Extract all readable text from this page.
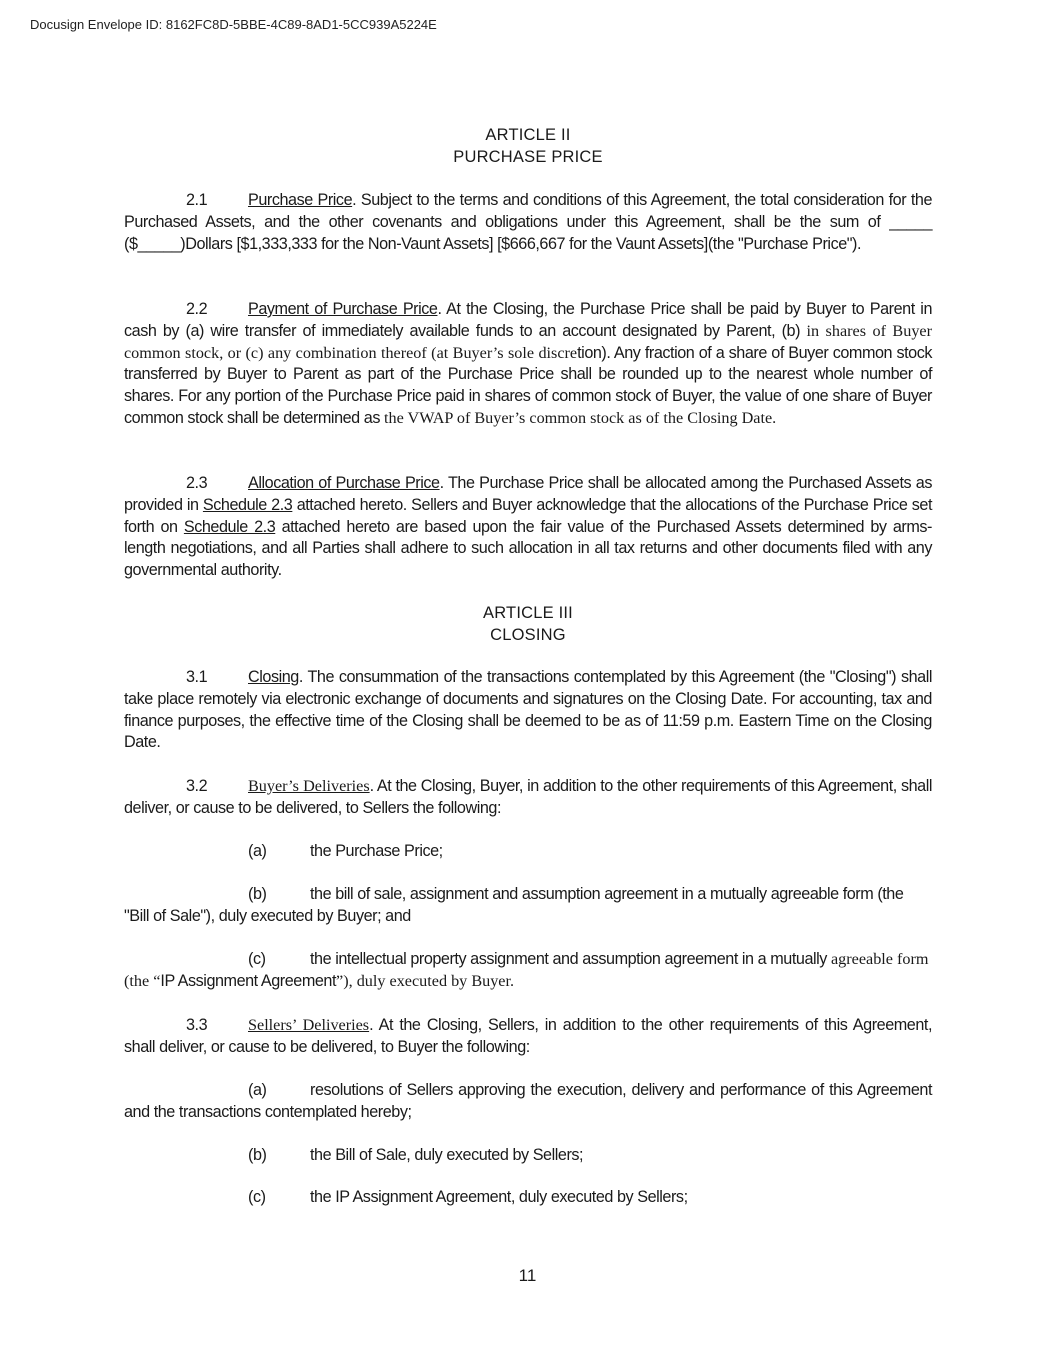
Docusign Envelope ID: 8162FC8D-5BBE-4C89-8AD1-5CC939A5224E
ARTICLE II
PURCHASE PRICE
2.1	Purchase Price. Subject to the terms and conditions of this Agreement, the total consideration for the Purchased Assets, and the other covenants and obligations under this Agreement, shall be the sum of _____ ($_____)Dollars [$1,333,333 for the Non-Vaunt Assets] [$666,667 for the Vaunt Assets](the "Purchase Price").
2.2	Payment of Purchase Price. At the Closing, the Purchase Price shall be paid by Buyer to Parent in cash by (a) wire transfer of immediately available funds to an account designated by Parent, (b) in shares of Buyer common stock, or (c) any combination thereof (at Buyer’s sole discretion). Any fraction of a share of Buyer common stock transferred by Buyer to Parent as part of the Purchase Price shall be rounded up to the nearest whole number of shares. For any portion of the Purchase Price paid in shares of common stock of Buyer, the value of one share of Buyer common stock shall be determined as the VWAP of Buyer’s common stock as of the Closing Date.
2.3	Allocation of Purchase Price. The Purchase Price shall be allocated among the Purchased Assets as provided in Schedule 2.3 attached hereto. Sellers and Buyer acknowledge that the allocations of the Purchase Price set forth on Schedule 2.3 attached hereto are based upon the fair value of the Purchased Assets determined by arms-length negotiations, and all Parties shall adhere to such allocation in all tax returns and other documents filed with any governmental authority.
ARTICLE III
CLOSING
3.1	Closing. The consummation of the transactions contemplated by this Agreement (the "Closing") shall take place remotely via electronic exchange of documents and signatures on the Closing Date. For accounting, tax and finance purposes, the effective time of the Closing shall be deemed to be as of 11:59 p.m. Eastern Time on the Closing Date.
3.2	Buyer’s Deliveries. At the Closing, Buyer, in addition to the other requirements of this Agreement, shall deliver, or cause to be delivered, to Sellers the following:
(a)	the Purchase Price;
(b)	the bill of sale, assignment and assumption agreement in a mutually agreeable form (the "Bill of Sale"), duly executed by Buyer; and
(c)	the intellectual property assignment and assumption agreement in a mutually agreeable form (the “IP Assignment Agreement”), duly executed by Buyer.
3.3	Sellers’ Deliveries. At the Closing, Sellers, in addition to the other requirements of this Agreement, shall deliver, or cause to be delivered, to Buyer the following:
(a)	resolutions of Sellers approving the execution, delivery and performance of this Agreement and the transactions contemplated hereby;
(b)	the Bill of Sale, duly executed by Sellers;
(c)	the IP Assignment Agreement, duly executed by Sellers;
11
